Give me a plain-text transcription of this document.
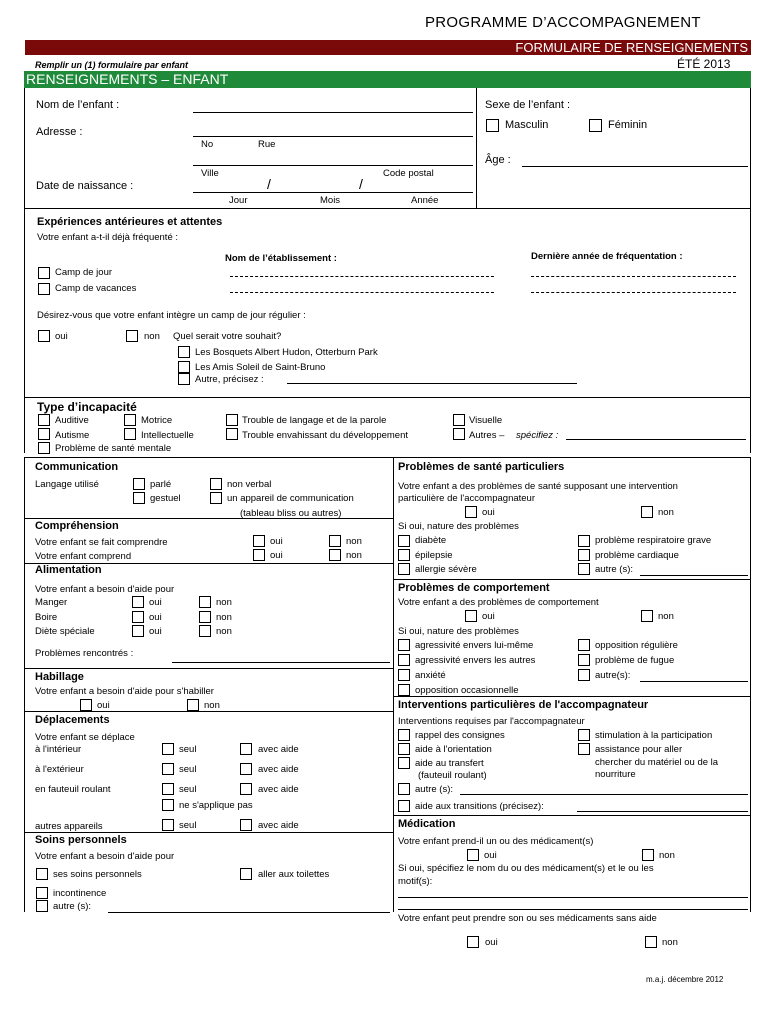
PROGRAMME D’ACCOMPAGNEMENT
FORMULAIRE DE RENSEIGNEMENTS
Remplir un (1) formulaire par enfant	ÉTÉ 2013
RENSEIGNEMENTS – ENFANT
Nom de l’enfant :
Adresse :
No	Rue
Ville	Code postal
Date de naissance :	/	/
Jour	Mois	Année
Sexe de l’enfant :
Masculin	Féminin
Âge :
Expériences antérieures et attentes
Votre enfant a-t-il déjà fréquenté :
Nom de l’établissement :	Dernière année de fréquentation :
Camp de jour
Camp de vacances
Désirez-vous que votre enfant intègre un camp de jour régulier :
oui	non Quel serait votre souhait?
Les Bosquets Albert Hudon, Otterburn Park
Les Amis Soleil de Saint-Bruno
Autre, précisez :
Type d’incapacité
Auditive	Motrice	Trouble de langage et de la parole	Visuelle
Autisme	Intellectuelle	Trouble envahissant du développement	Autres – spécifiez :
Problème de santé mentale
Communication
Langage utilisé	parlé	non verbal
gestuel	un appareil de communication
(tableau bliss ou autres)
Compréhension
Votre enfant se fait comprendre	oui	non
Votre enfant comprend	oui	non
Alimentation
Votre enfant a besoin d'aide pour
Manger	oui	non
Boire	oui	non
Diète spéciale	oui	non
Problèmes rencontrés :
Habillage
Votre enfant a besoin d'aide pour s'habiller
oui	non
Déplacements
Votre enfant se déplace
à l'intérieur	seul	avec aide
à l'extérieur	seul	avec aide
en fauteuil roulant	seul	avec aide
ne s'applique pas
autres appareils	seul	avec aide
Soins personnels
Votre enfant a besoin d'aide pour
ses soins personnels	aller aux toilettes
incontinence
autre (s):
Problèmes de santé particuliers
Votre enfant a des problèmes de santé supposant une intervention
particulière de l'accompagnateur
oui	non
Si oui, nature des problèmes
diabète	problème respiratoire grave
épilepsie	problème cardiaque
allergie sévère	autre (s):
Problèmes de comportement
Votre enfant a des problèmes de comportement
oui	non
Si oui, nature des problèmes
agressivité envers lui-même	opposition régulière
agressivité envers les autres	problème de fugue
anxiété	autre(s):
opposition occasionnelle
Interventions particulières de l'accompagnateur
Interventions requises par l'accompagnateur
rappel des consignes	stimulation à la participation
aide à l'orientation	assistance pour aller
chercher du matériel ou de la
nourriture
aide au transfert
(fauteuil roulant)
autre (s):
aide aux transitions (précisez):
Médication
Votre enfant prend-il un ou des médicament(s)
oui	non
Si oui, spécifiez le nom du ou des médicament(s) et le ou les
motif(s):
Votre enfant peut prendre son ou ses médicaments sans aide
oui	non
m.a.j. décembre 2012
